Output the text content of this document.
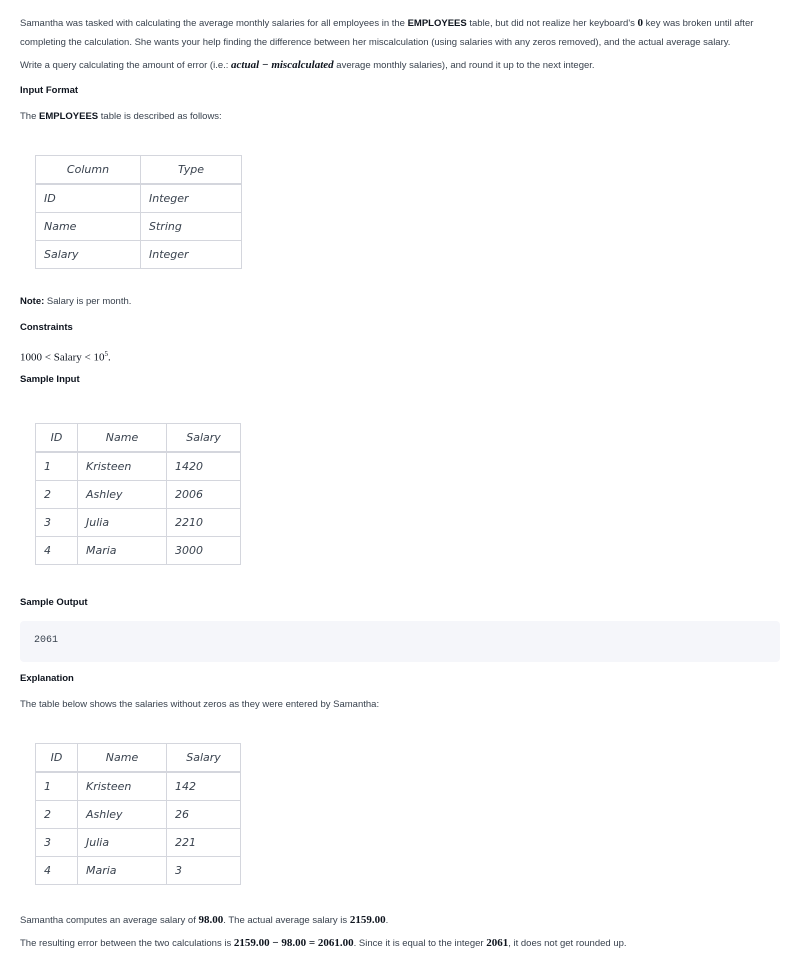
Samantha was tasked with calculating the average monthly salaries for all employees in the EMPLOYEES table, but did not realize her keyboard's 0 key was broken until after

completing the calculation. She wants your help finding the difference between her miscalculation (using salaries with any zeros removed), and the actual average salary.

Write a query calculating the amount of error (i.e.: actual − miscalculated average monthly salaries), and round it up to the next integer.

Input Format

The EMPLOYEES table is described as follows:

Column	Type
ID	Integer
Name	String
Salary	Integer

Note: Salary is per month.

Constraints

1000 < Salary < $10^5$.

Sample Input
ID	Name	Salary
1	Kristeen	1420
2	Ashley	2006
3	Julia	2210
4	Maria	3000
Sample Output
2061
Explanation

The table below shows the salaries without zeros as they were entered by Samantha:

ID	Name	Salary
1	Kristeen	142
2	Ashley	26
3	Julia	221
4	Maria	3

Samantha computes an average salary of 98.00. The actual average salary is 2159.00.

The resulting error between the two calculations is 2159.00 − 98.00 = 2061.00. Since it is equal to the integer 2061, it does not get rounded up.
